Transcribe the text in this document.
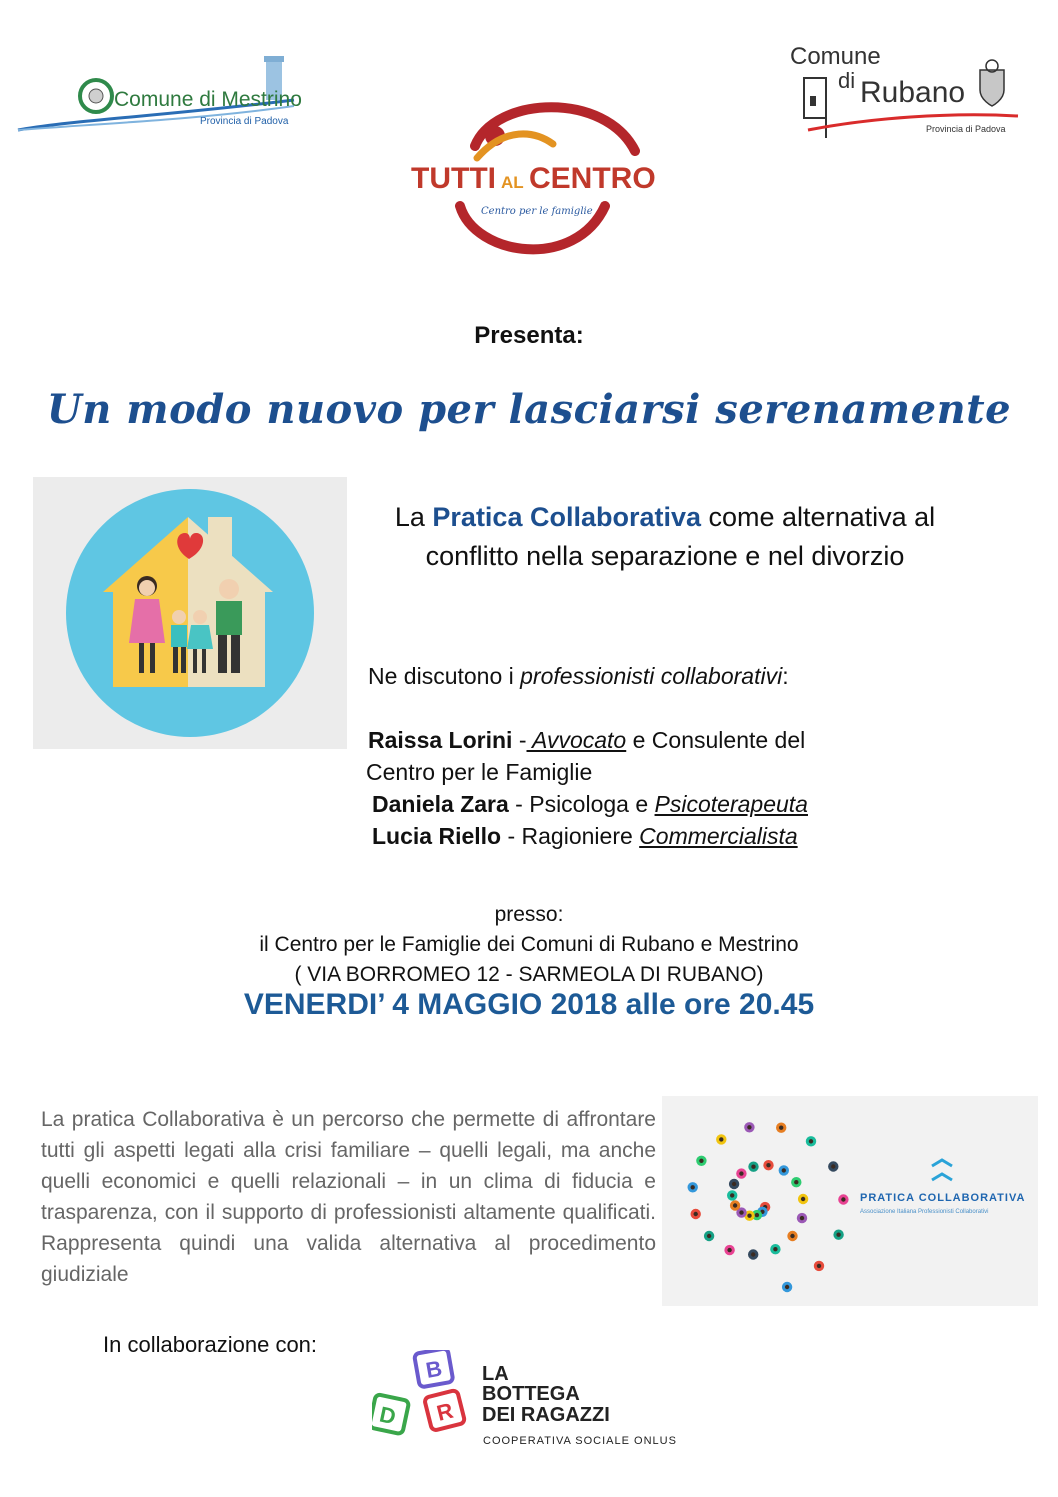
Comune di Mestrino
Provincia di Padova
TUTTI AL CENTRO
Centro per le famiglie
Comune
di Rubano
Provincia di Padova
Presenta:
Un modo nuovo per lasciarsi serenamente
La Pratica Collaborativa come alternativa al conflitto nella separazione e nel divorzio
Ne discutono i professionisti collaborativi:
Raissa Lorini - Avvocato e Consulente del
Centro per le Famiglie
Daniela Zara - Psicologa e Psicoterapeuta
Lucia Riello - Ragioniere Commercialista
presso:
il Centro per le Famiglie dei Comuni di Rubano e Mestrino
( VIA BORROMEO 12 - SARMEOLA DI RUBANO)
VENERDI’ 4 MAGGIO 2018 alle ore 20.45
La pratica Collaborativa è un percorso che permette di affrontare tutti gli aspetti legati alla crisi familiare – quelli legali, ma anche quelli economici e quelli relazionali – in un clima di fiducia e trasparenza, con il supporto di professionisti altamente qualificati. Rappresenta quindi una valida alternativa al procedimento giudiziale
PRATICA COLLABORATIVA
Associazione Italiana Professionisti Collaborativi
In collaborazione con:
B
D R
LA
BOTTEGA
DEI RAGAZZI
COOPERATIVA SOCIALE ONLUS
